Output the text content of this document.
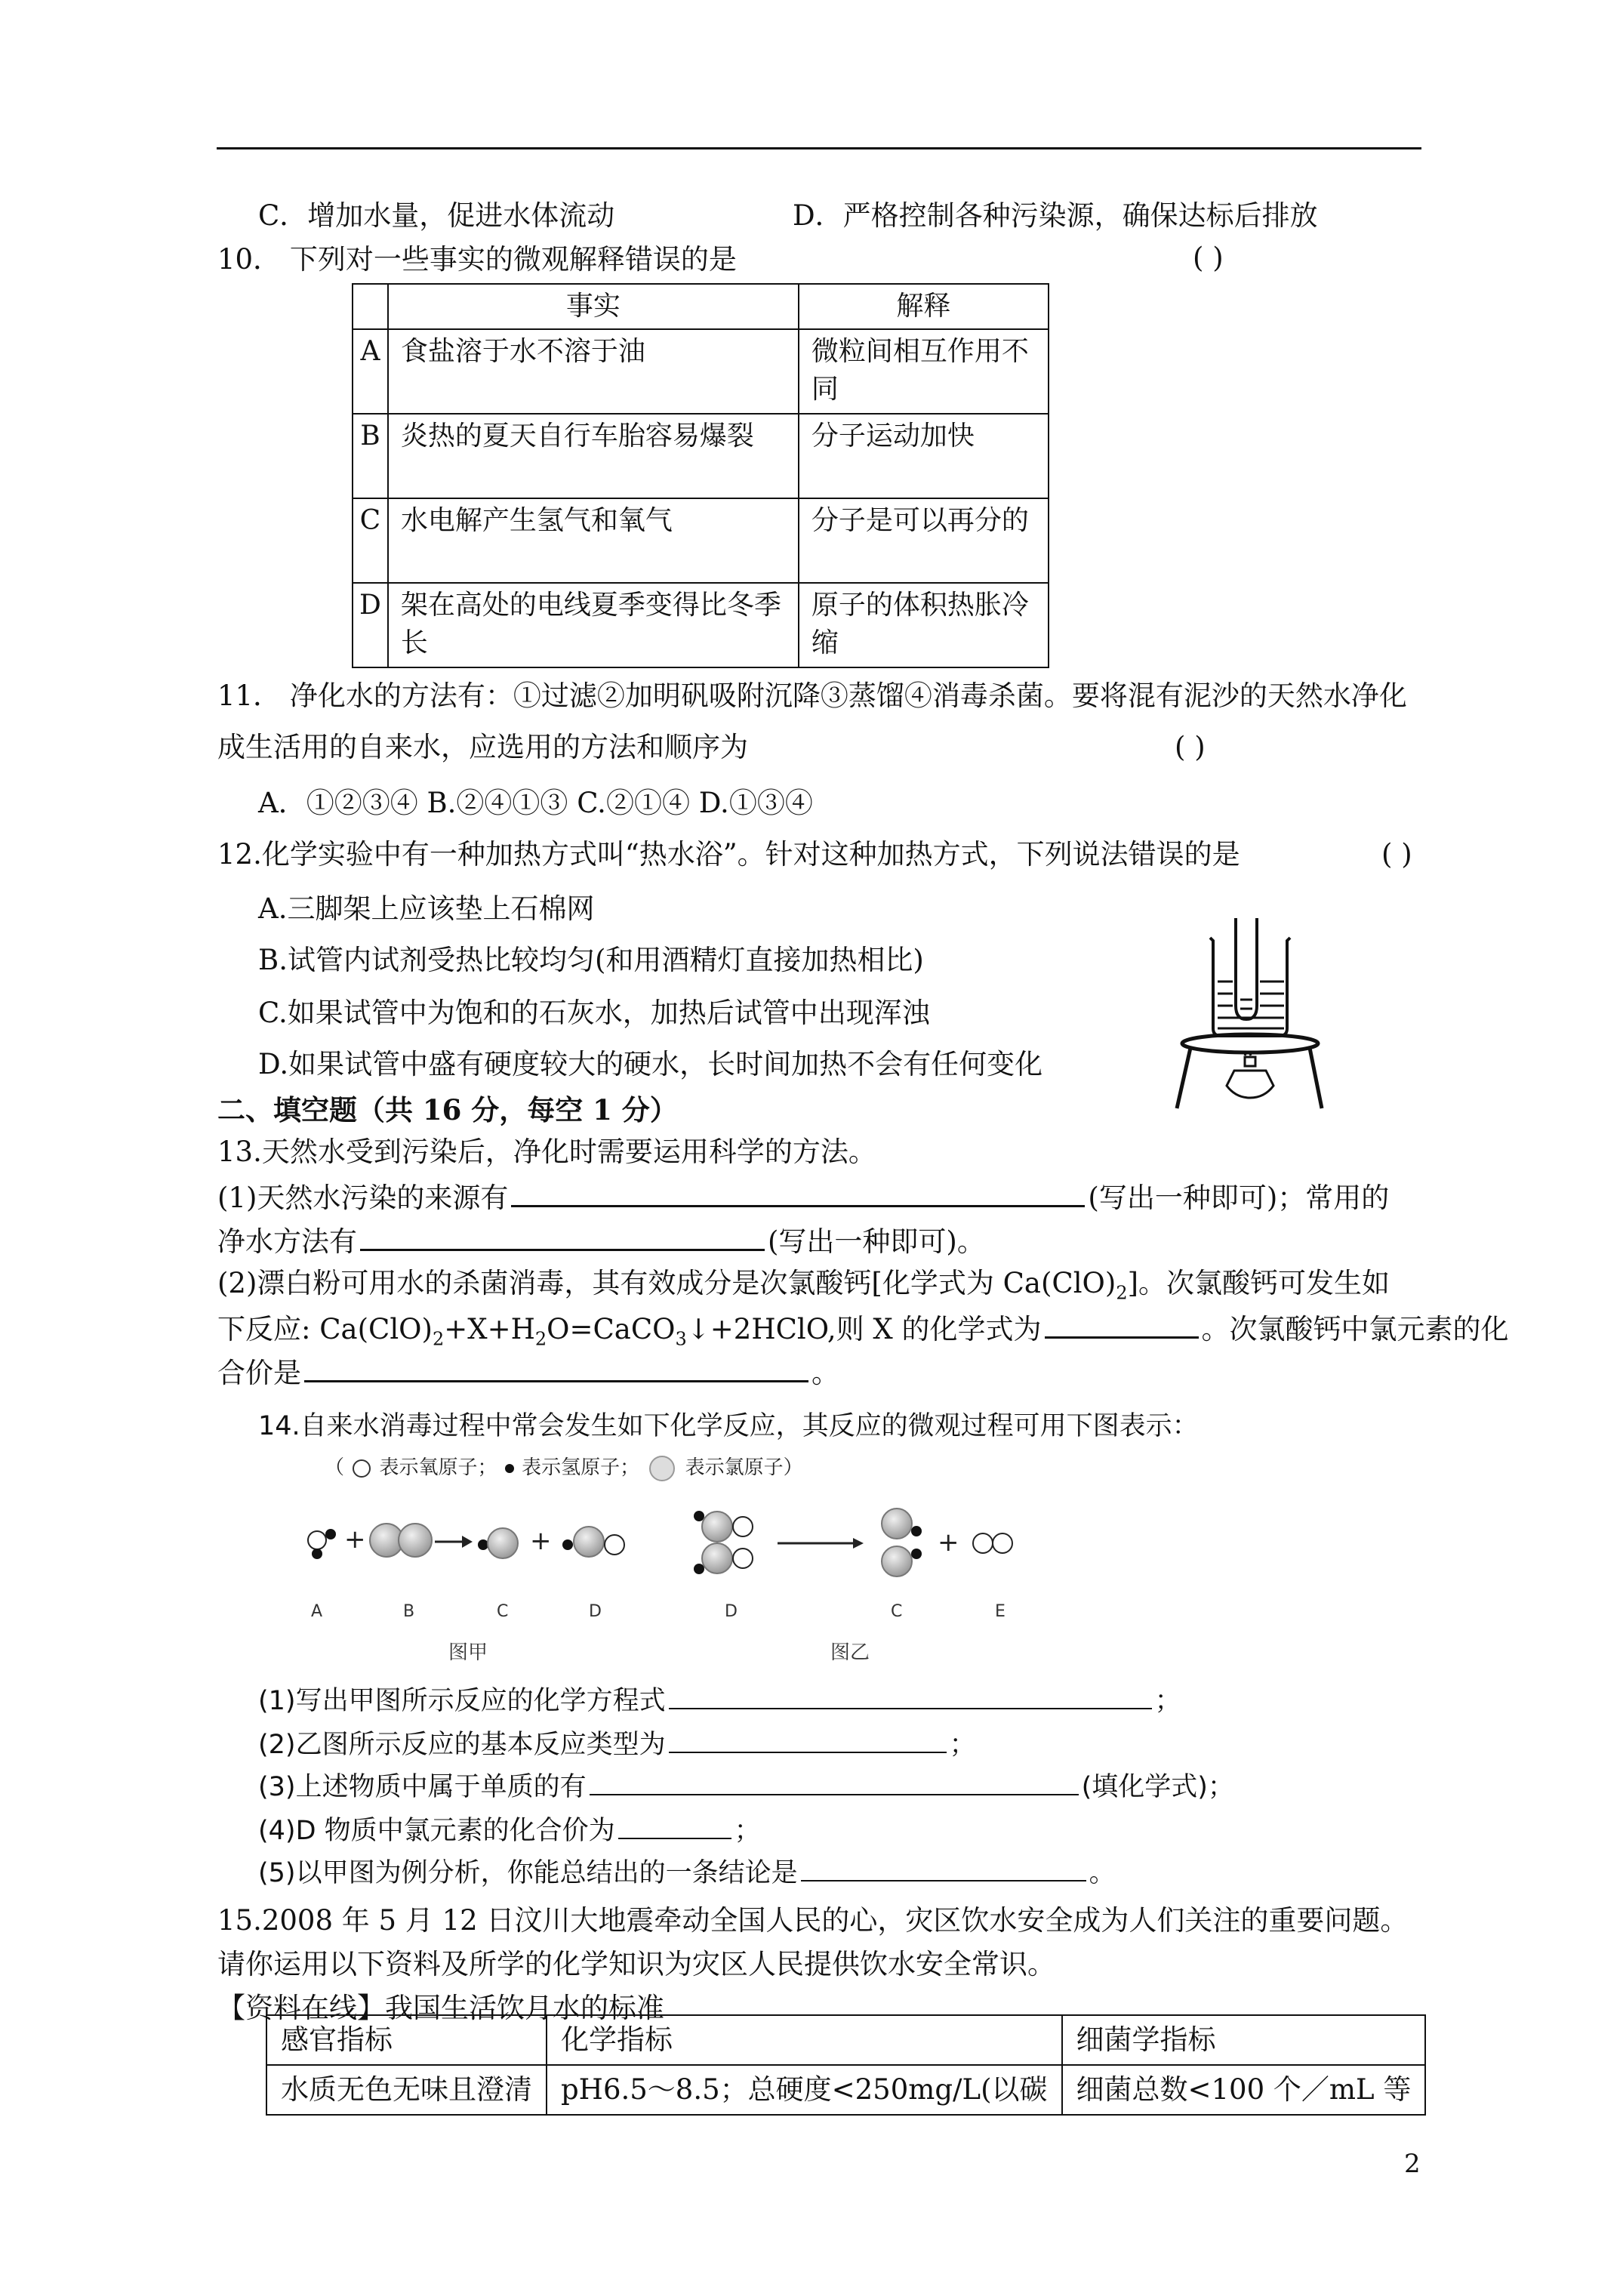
C．增加水量，促进水体流动	D．严格控制各种污染源，确保达标后排放
10． 下列对一些事实的微观解释错误的是	( )
	事实	解释
A	食盐溶于水不溶于油	微粒间相互作用不同
B	炎热的夏天自行车胎容易爆裂	分子运动加快
C	水电解产生氢气和氧气	分子是可以再分的
D	架在高处的电线夏季变得比冬季长	原子的体积热胀冷缩
11． 净化水的方法有：①过滤②加明矾吸附沉降③蒸馏④消毒杀菌。要将混有泥沙的天然水净化
成生活用的自来水，应选用的方法和顺序为	( )
A．①②③④ B.②④①③ C.②①④ D.①③④
12.化学实验中有一种加热方式叫“热水浴”。针对这种加热方式，下列说法错误的是	( )
A.三脚架上应该垫上石棉网
B.试管内试剂受热比较均匀(和用酒精灯直接加热相比)
C.如果试管中为饱和的石灰水，加热后试管中出现浑浊
D.如果试管中盛有硬度较大的硬水，长时间加热不会有任何变化
二、填空题（共 16 分，每空 1 分）
13.天然水受到污染后，净化时需要运用科学的方法。
(1)天然水污染的来源有	(写出一种即可)；常用的
净水方法有	(写出一种即可)。
(2)漂白粉可用水的杀菌消毒，其有效成分是次氯酸钙[化学式为 $Ca(ClO)_2$]。次氯酸钙可发生如
下反应: $Ca(ClO)_2+X+H_2O=CaCO_3↓+2HClO$,则 X 的化学式为	。次氯酸钙中氯元素的化
合价是	。
14.自来水消毒过程中常会发生如下化学反应，其反应的微观过程可用下图表示：
（ 表示氧原子； 表示氢原子； 表示氯原子）
+	+	+
A	B	C	D	D	C	E
图甲	图乙
(1)写出甲图所示反应的化学方程式	；
(2)乙图所示反应的基本反应类型为	；
(3)上述物质中属于单质的有	(填化学式)；
(4)D 物质中氯元素的化合价为	；
(5)以甲图为例分析，你能总结出的一条结论是	。
15.2008 年 5 月 12 日汶川大地震牵动全国人民的心，灾区饮水安全成为人们关注的重要问题。
请你运用以下资料及所学的化学知识为灾区人民提供饮水安全常识。
【资料在线】我国生活饮月水的标准
感官指标	化学指标	细菌学指标
水质无色无味且澄清	pH6.5～8.5；总硬度<250mg/L(以碳	细菌总数<100 个／mL 等
2
